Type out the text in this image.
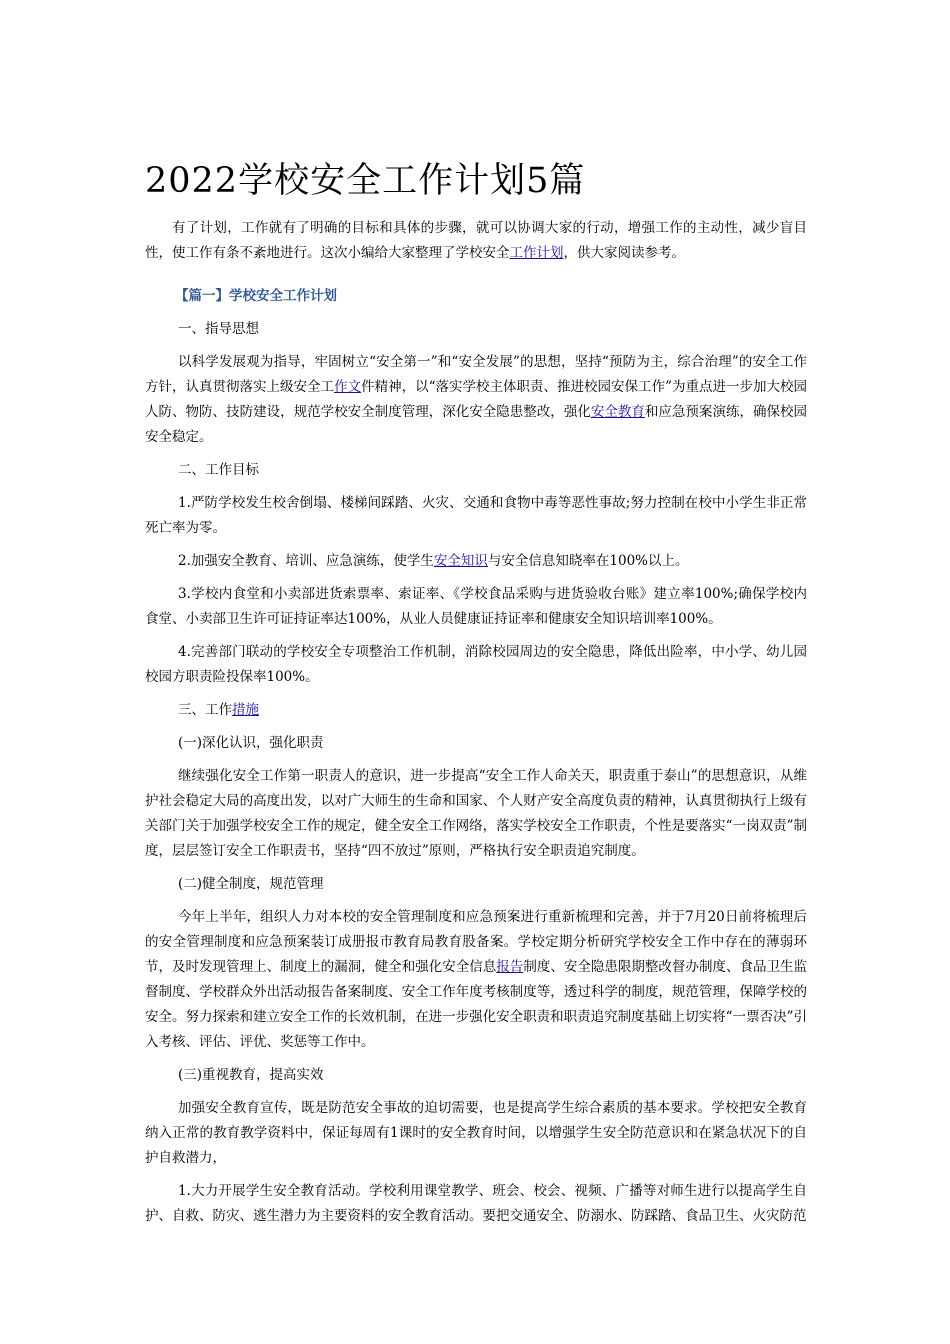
2022学校安全工作计划5篇

有了计划，工作就有了明确的目标和具体的步骤，就可以协调大家的行动，增强工作的主动性，减少盲目性，使工作有条不紊地进行。这次小编给大家整理了学校安全工作计划，供大家阅读参考。

【篇一】学校安全工作计划

一、指导思想

以科学发展观为指导，牢固树立“安全第一”和“安全发展”的思想，坚持“预防为主，综合治理”的安全工作方针，认真贯彻落实上级安全工作文件精神，以“落实学校主体职责、推进校园安保工作”为重点进一步加大校园人防、物防、技防建设，规范学校安全制度管理，深化安全隐患整改，强化安全教育和应急预案演练，确保校园安全稳定。

二、工作目标

1.严防学校发生校舍倒塌、楼梯间踩踏、火灾、交通和食物中毒等恶性事故;努力控制在校中小学生非正常死亡率为零。

2.加强安全教育、培训、应急演练，使学生安全知识与安全信息知晓率在100%以上。

3.学校内食堂和小卖部进货索票率、索证率、《学校食品采购与进货验收台账》建立率100%;确保学校内食堂、小卖部卫生许可证持证率达100%，从业人员健康证持证率和健康安全知识培训率100%。

4.完善部门联动的学校安全专项整治工作机制，消除校园周边的安全隐患，降低出险率，中小学、幼儿园校园方职责险投保率100%。

三、工作措施

(一)深化认识，强化职责

继续强化安全工作第一职责人的意识，进一步提高“安全工作人命关天，职责重于泰山”的思想意识，从维护社会稳定大局的高度出发，以对广大师生的生命和国家、个人财产安全高度负责的精神，认真贯彻执行上级有关部门关于加强学校安全工作的规定，健全安全工作网络，落实学校安全工作职责，个性是要落实“一岗双责”制度，层层签订安全工作职责书，坚持“四不放过”原则，严格执行安全职责追究制度。

(二)健全制度，规范管理

今年上半年，组织人力对本校的安全管理制度和应急预案进行重新梳理和完善，并于7月20日前将梳理后的安全管理制度和应急预案装订成册报市教育局教育股备案。学校定期分析研究学校安全工作中存在的薄弱环节，及时发现管理上、制度上的漏洞，健全和强化安全信息报告制度、安全隐患限期整改督办制度、食品卫生监督制度、学校群众外出活动报告备案制度、安全工作年度考核制度等，透过科学的制度，规范管理，保障学校的安全。努力探索和建立安全工作的长效机制，在进一步强化安全职责和职责追究制度基础上切实将“一票否决”引入考核、评估、评优、奖惩等工作中。

(三)重视教育，提高实效

加强安全教育宣传，既是防范安全事故的迫切需要，也是提高学生综合素质的基本要求。学校把安全教育纳入正常的教育教学资料中，保证每周有1课时的安全教育时间，以增强学生安全防范意识和在紧急状况下的自护自救潜力，

1.大力开展学生安全教育活动。学校利用课堂教学、班会、校会、视频、广播等对师生进行以提高学生自护、自救、防灾、逃生潜力为主要资料的安全教育活动。要把交通安全、防溺水、防踩踏、食品卫生、火灾防范
